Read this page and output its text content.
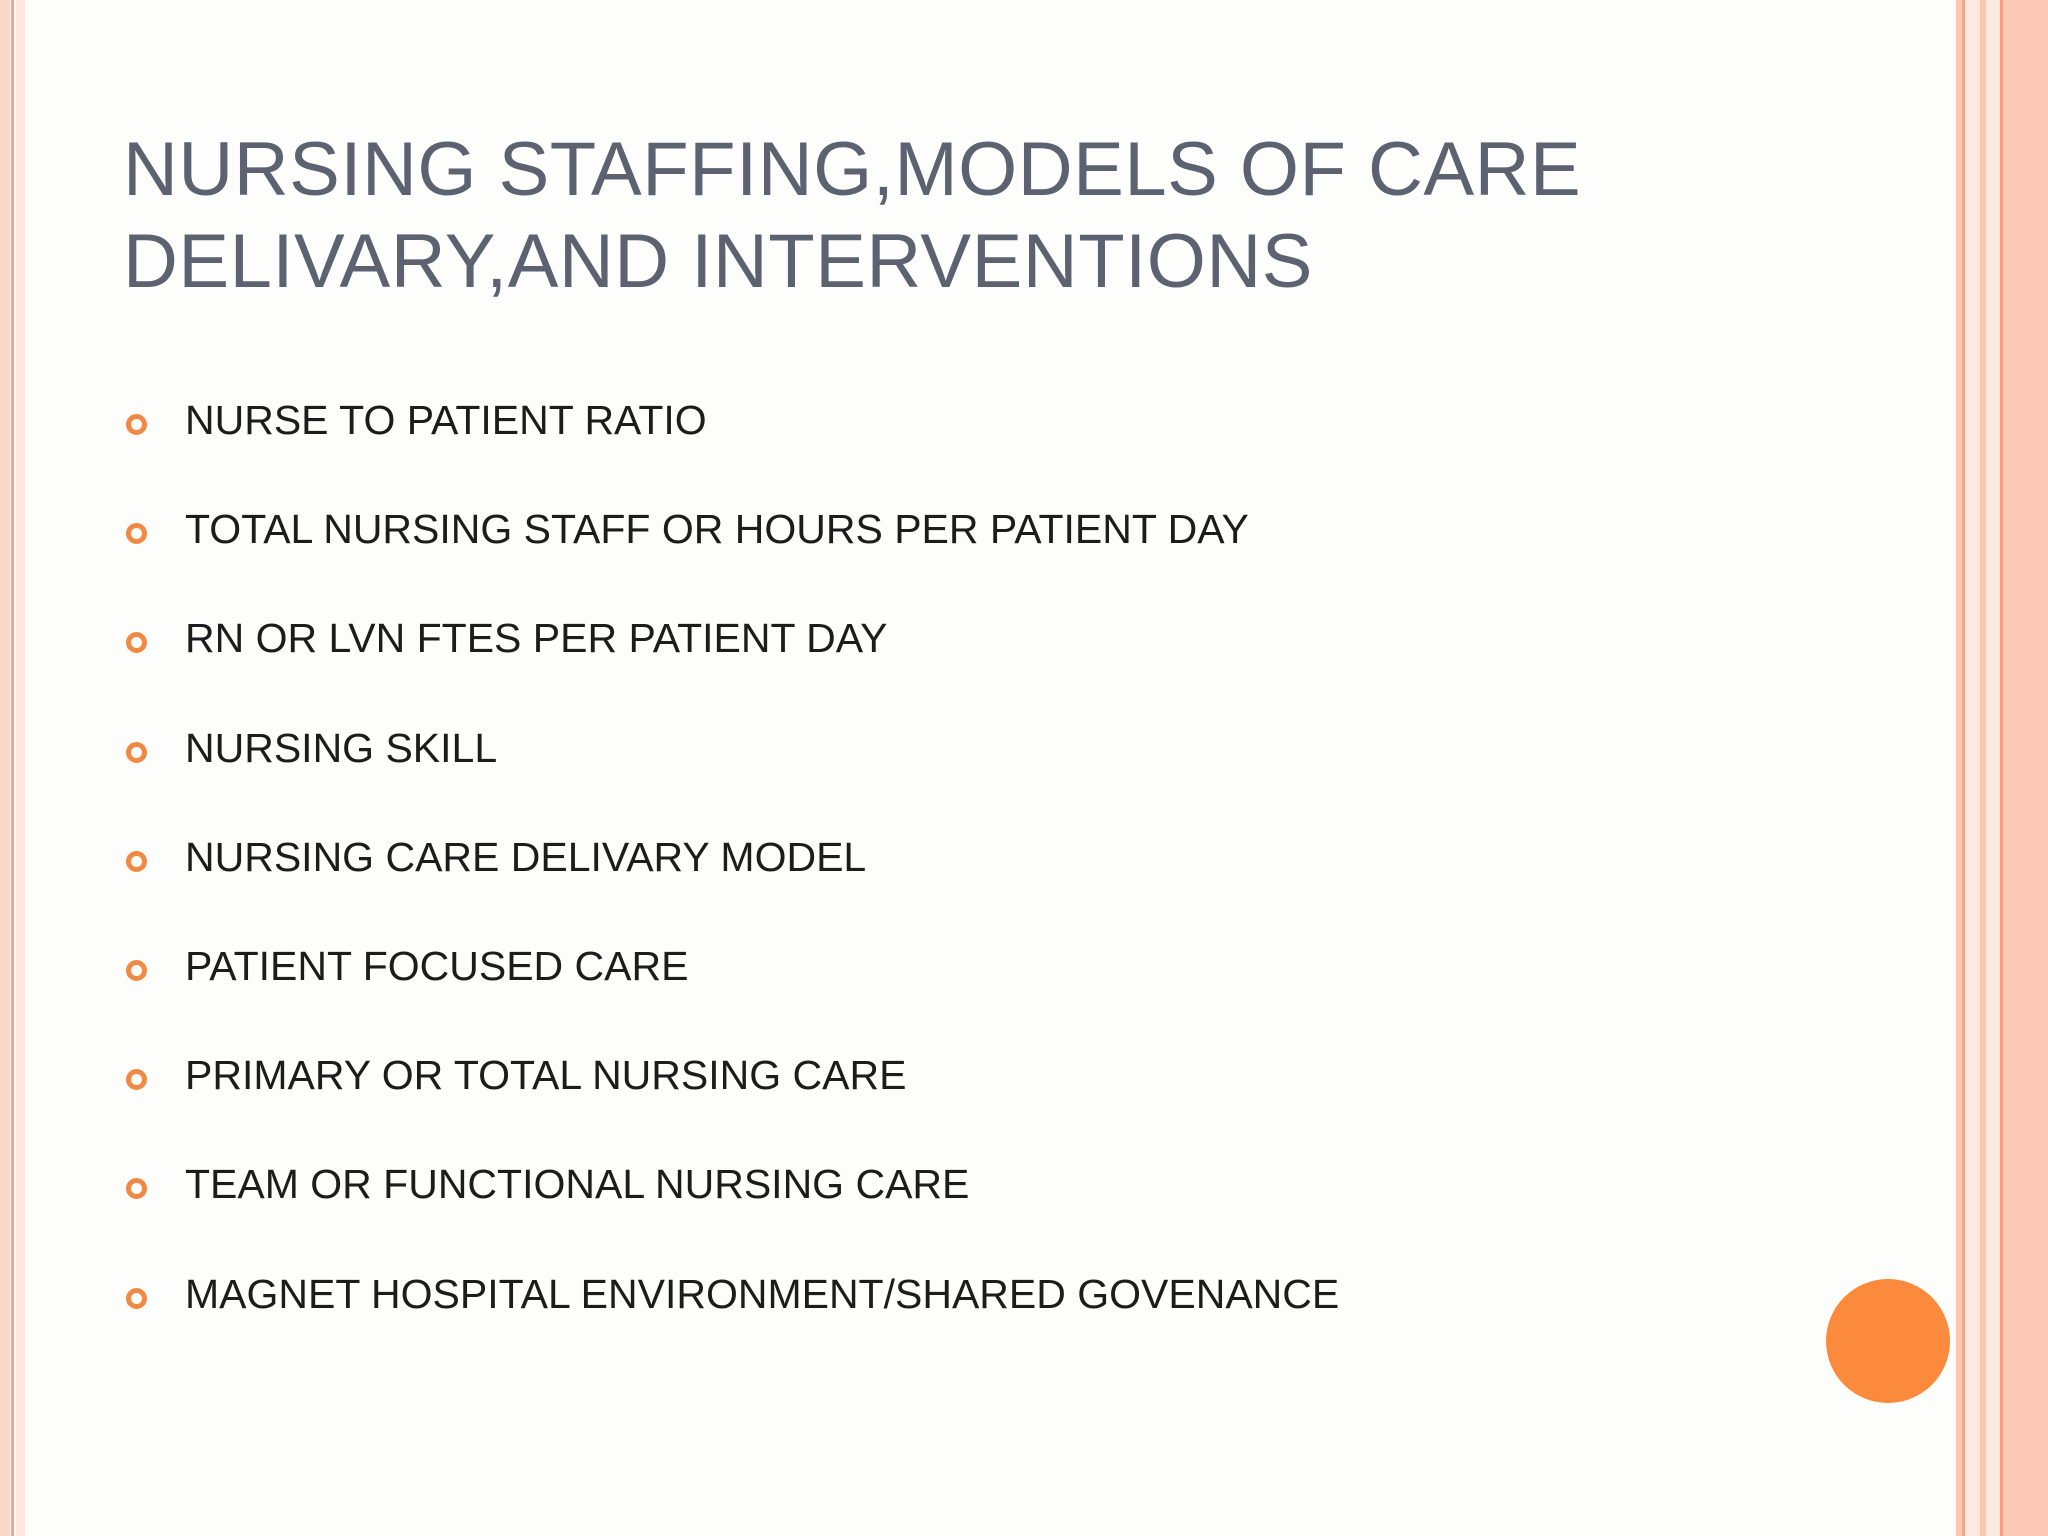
NURSING STAFFING,MODELS OF CARE
DELIVARY,AND INTERVENTIONS
NURSE TO PATIENT RATIO
TOTAL NURSING STAFF OR HOURS PER PATIENT DAY
RN OR LVN FTES PER PATIENT DAY
NURSING SKILL
NURSING CARE DELIVARY MODEL
PATIENT FOCUSED CARE
PRIMARY OR TOTAL NURSING CARE
TEAM OR FUNCTIONAL NURSING CARE
MAGNET HOSPITAL ENVIRONMENT/SHARED GOVENANCE
